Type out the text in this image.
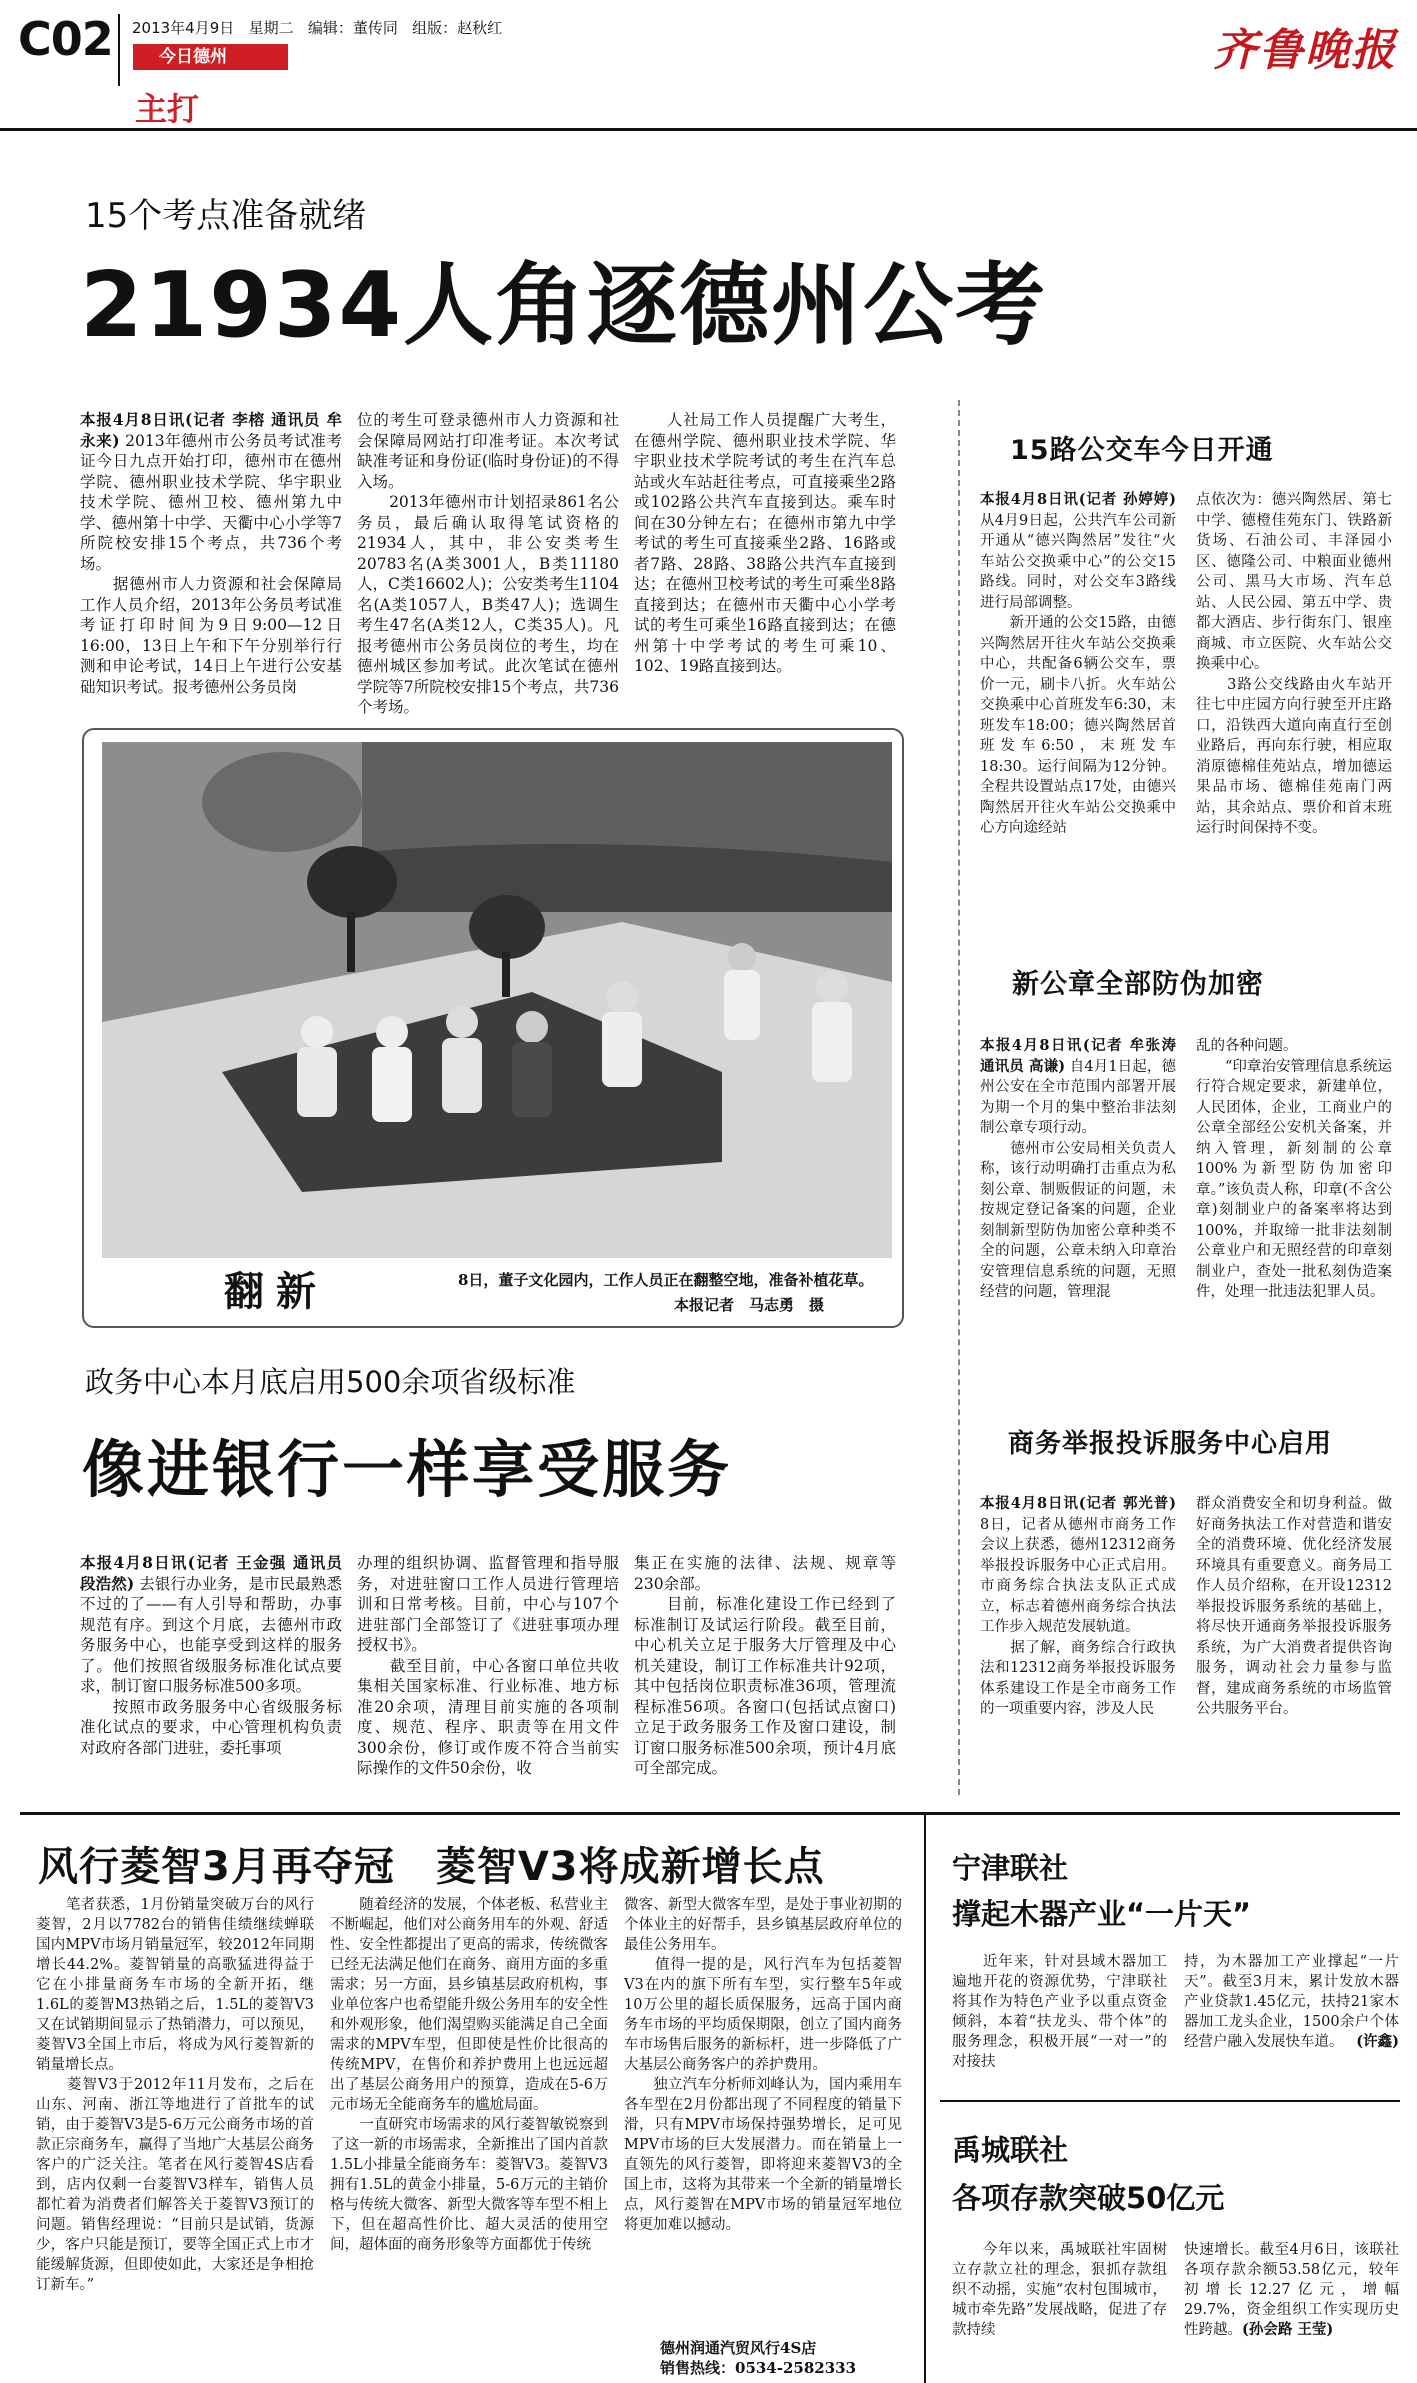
C02 2013年4月9日   星期二   编辑：董传同   组版：赵秋红
今日德州
主打
齐鲁晚报
15个考点准备就绪
21934人角逐德州公考

本报4月8日讯(记者 李榕 通讯员 牟永来) 2013年德州市公务员考试准考证今日九点开始打印，德州市在德州学院、德州职业技术学院、华宇职业技术学院、德州卫校、德州第九中学、德州第十中学、天衢中心小学等7所院校安排15个考点，共736个考场。
　　据德州市人力资源和社会保障局工作人员介绍，2013年公务员考试准考证打印时间为9日9:00—12日16:00，13日上午和下午分别举行行测和申论考试，14日上午进行公安基础知识考试。报考德州公务员岗

位的考生可登录德州市人力资源和社会保障局网站打印准考证。本次考试缺准考证和身份证(临时身份证)的不得入场。
　　2013年德州市计划招录861名公务员，最后确认取得笔试资格的21934人，其中，非公安类考生20783名(A类3001人，B类11180人，C类16602人)；公安类考生1104名(A类1057人，B类47人)；选调生考生47名(A类12人，C类35人)。凡报考德州市公务员岗位的考生，均在德州城区参加考试。此次笔试在德州学院等7所院校安排15个考点，共736个考场。

　　人社局工作人员提醒广大考生，在德州学院、德州职业技术学院、华宇职业技术学院考试的考生在汽车总站或火车站赶往考点，可直接乘坐2路或102路公共汽车直接到达。乘车时间在30分钟左右；在德州市第九中学考试的考生可直接乘坐2路、16路或者7路、28路、38路公共汽车直接到达；在德州卫校考试的考生可乘坐8路直接到达；在德州市天衢中心小学考试的考生可乘坐16路直接到达；在德州第十中学考试的考生可乘10、102、19路直接到达。

翻新	8日，董子文化园内，工作人员正在翻整空地，准备补植花草。
本报记者　马志勇　摄
政务中心本月底启用500余项省级标准
像进银行一样享受服务

本报4月8日讯(记者 王金强 通讯员 段浩然) 去银行办业务，是市民最熟悉不过的了——有人引导和帮助，办事规范有序。到这个月底，去德州市政务服务中心，也能享受到这样的服务了。他们按照省级服务标准化试点要求，制订窗口服务标准500多项。
　　按照市政务服务中心省级服务标准化试点的要求，中心管理机构负责对政府各部门进驻，委托事项

办理的组织协调、监督管理和指导服务，对进驻窗口工作人员进行管理培训和日常考核。目前，中心与107个进驻部门全部签订了《进驻事项办理授权书》。
　　截至目前，中心各窗口单位共收集相关国家标准、行业标准、地方标准20余项，清理目前实施的各项制度、规范、程序、职责等在用文件300余份，修订或作废不符合当前实际操作的文件50余份，收

集正在实施的法律、法规、规章等230余部。
　　目前，标准化建设工作已经到了标准制订及试运行阶段。截至目前，中心机关立足于服务大厅管理及中心机关建设，制订工作标准共计92项，其中包括岗位职责标准36项，管理流程标准56项。各窗口(包括试点窗口)立足于政务服务工作及窗口建设，制订窗口服务标准500余项，预计4月底可全部完成。

15路公交车今日开通

本报4月8日讯(记者 孙婷婷) 从4月9日起，公共汽车公司新开通从“德兴陶然居”发往“火车站公交换乘中心”的公交15路线。同时，对公交车3路线进行局部调整。
　　新开通的公交15路，由德兴陶然居开往火车站公交换乘中心，共配备6辆公交车，票价一元，刷卡八折。火车站公交换乘中心首班发车6:30，末班发车18:00；德兴陶然居首班发车6:50，末班发车18:30。运行间隔为12分钟。全程共设置站点17处，由德兴陶然居开往火车站公交换乘中心方向途经站

点依次为：德兴陶然居、第七中学、德橙佳苑东门、铁路新货场、石油公司、丰泽园小区、德隆公司、中粮面业德州公司、黑马大市场、汽车总站、人民公园、第五中学、贵都大酒店、步行街东门、银座商城、市立医院、火车站公交换乘中心。
　　3路公交线路由火车站开往七中庄园方向行驶至开庄路口，沿铁西大道向南直行至创业路后，再向东行驶，相应取消原德棉佳苑站点，增加德运果品市场、德棉佳苑南门两站，其余站点、票价和首末班运行时间保持不变。

新公章全部防伪加密

本报4月8日讯(记者 牟张涛 通讯员 高谦) 自4月1日起，德州公安在全市范围内部署开展为期一个月的集中整治非法刻制公章专项行动。
　　德州市公安局相关负责人称，该行动明确打击重点为私刻公章、制贩假证的问题，未按规定登记备案的问题，企业刻制新型防伪加密公章种类不全的问题，公章未纳入印章治安管理信息系统的问题，无照经营的问题，管理混

乱的各种问题。
　　“印章治安管理信息系统运行符合规定要求，新建单位，人民团体，企业，工商业户的公章全部经公安机关备案，并纳入管理，新刻制的公章100%为新型防伪加密印章。”该负责人称，印章(不含公章)刻制业户的备案率将达到100%，并取缔一批非法刻制公章业户和无照经营的印章刻制业户，查处一批私刻伪造案件，处理一批违法犯罪人员。

商务举报投诉服务中心启用

本报4月8日讯(记者 郭光普) 8日，记者从德州市商务工作会议上获悉，德州12312商务举报投诉服务中心正式启用。市商务综合执法支队正式成立，标志着德州商务综合执法工作步入规范发展轨道。
　　据了解，商务综合行政执法和12312商务举报投诉服务体系建设工作是全市商务工作的一项重要内容，涉及人民

群众消费安全和切身利益。做好商务执法工作对营造和谐安全的消费环境、优化经济发展环境具有重要意义。商务局工作人员介绍称，在开设12312举报投诉服务系统的基础上，将尽快开通商务举报投诉服务系统，为广大消费者提供咨询服务，调动社会力量参与监督，建成商务系统的市场监管公共服务平台。

风行菱智3月再夺冠　菱智V3将成新增长点

　　笔者获悉，1月份销量突破万台的风行菱智，2月以7782台的销售佳绩继续蝉联国内MPV市场月销量冠军，较2012年同期增长44.2%。菱智销量的高歌猛进得益于它在小排量商务车市场的全新开拓，继1.6L的菱智M3热销之后，1.5L的菱智V3又在试销期间显示了热销潜力，可以预见，菱智V3全国上市后，将成为风行菱智新的销量增长点。
　　菱智V3于2012年11月发布，之后在山东、河南、浙江等地进行了首批车的试销，由于菱智V3是5-6万元公商务市场的首款正宗商务车，赢得了当地广大基层公商务客户的广泛关注。笔者在风行菱智4S店看到，店内仅剩一台菱智V3样车，销售人员都忙着为消费者们解答关于菱智V3预订的问题。销售经理说：“目前只是试销，货源少，客户只能是预订，要等全国正式上市才能缓解货源，但即使如此，大家还是争相抢订新车。”

　　随着经济的发展，个体老板、私营业主不断崛起，他们对公商务用车的外观、舒适性、安全性都提出了更高的需求，传统微客已经无法满足他们在商务、商用方面的多重需求；另一方面，县乡镇基层政府机构，事业单位客户也希望能升级公务用车的安全性和外观形象，他们渴望购买能满足自己全面需求的MPV车型，但即使是性价比很高的传统MPV，在售价和养护费用上也远远超出了基层公商务用户的预算，造成在5-6万元市场无全能商务车的尴尬局面。
　　一直研究市场需求的风行菱智敏锐察到了这一新的市场需求，全新推出了国内首款1.5L小排量全能商务车：菱智V3。菱智V3拥有1.5L的黄金小排量，5-6万元的主销价格与传统大微客、新型大微客等车型不相上下，但在超高性价比、超大灵活的使用空间，超体面的商务形象等方面都优于传统

微客、新型大微客车型，是处于事业初期的个体业主的好帮手，县乡镇基层政府单位的最佳公务用车。
　　值得一提的是，风行汽车为包括菱智V3在内的旗下所有车型，实行整车5年或10万公里的超长质保服务，远高于国内商务车市场的平均质保期限，创立了国内商务车市场售后服务的新标杆，进一步降低了广大基层公商务客户的养护费用。
　　独立汽车分析师刘峰认为，国内乘用车各车型在2月份都出现了不同程度的销量下滑，只有MPV市场保持强势增长，足可见MPV市场的巨大发展潜力。而在销量上一直领先的风行菱智，即将迎来菱智V3的全国上市，这将为其带来一个全新的销量增长点，风行菱智在MPV市场的销量冠军地位将更加难以撼动。

德州润通汽贸风行4S店
销售热线：0534-2582333
宁津联社
撑起木器产业“一片天”

　　近年来，针对县域木器加工遍地开花的资源优势，宁津联社将其作为特色产业予以重点资金倾斜，本着“扶龙头、带个体”的服务理念，积极开展“一对一”的对接扶

持，为木器加工产业撑起“一片天”。截至3月末，累计发放木器产业贷款1.45亿元，扶持21家木器加工龙头企业，1500余户个体经营户融入发展快车道。 (许鑫)

禹城联社
各项存款突破50亿元

　　今年以来，禹城联社牢固树立存款立社的理念，狠抓存款组织不动摇，实施“农村包围城市，城市牵先路”发展战略，促进了存款持续

快速增长。截至4月6日，该联社各项存款余额53.58亿元，较年初增长12.27亿元，增幅29.7%，资金组织工作实现历史性跨越。(孙会路 王莹)
